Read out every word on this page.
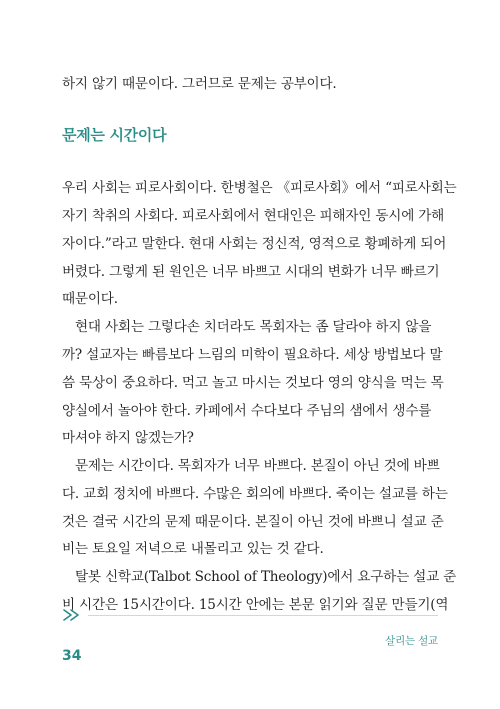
하지 않기 때문이다. 그러므로 문제는 공부이다.
문제는 시간이다
우리 사회는 피로사회이다. 한병철은 《피로사회》에서 “피로사회는
자기 착취의 사회다. 피로사회에서 현대인은 피해자인 동시에 가해
자이다.”라고 말한다. 현대 사회는 정신적, 영적으로 황폐하게 되어
버렸다. 그렇게 된 원인은 너무 바쁘고 시대의 변화가 너무 빠르기
때문이다.
현대 사회는 그렇다손 치더라도 목회자는 좀 달라야 하지 않을
까? 설교자는 빠름보다 느림의 미학이 필요하다. 세상 방법보다 말
씀 묵상이 중요하다. 먹고 놀고 마시는 것보다 영의 양식을 먹는 목
양실에서 놀아야 한다. 카페에서 수다보다 주님의 샘에서 생수를
마셔야 하지 않겠는가?
문제는 시간이다. 목회자가 너무 바쁘다. 본질이 아닌 것에 바쁘
다. 교회 정치에 바쁘다. 수많은 회의에 바쁘다. 죽이는 설교를 하는
것은 결국 시간의 문제 때문이다. 본질이 아닌 것에 바쁘니 설교 준
비는 토요일 저녁으로 내몰리고 있는 것 같다.
탈봇 신학교(Talbot School of Theology)에서 요구하는 설교 준
비 시간은 15시간이다. 15시간 안에는 본문 읽기와 질문 만들기(역
살리는 설교
34
